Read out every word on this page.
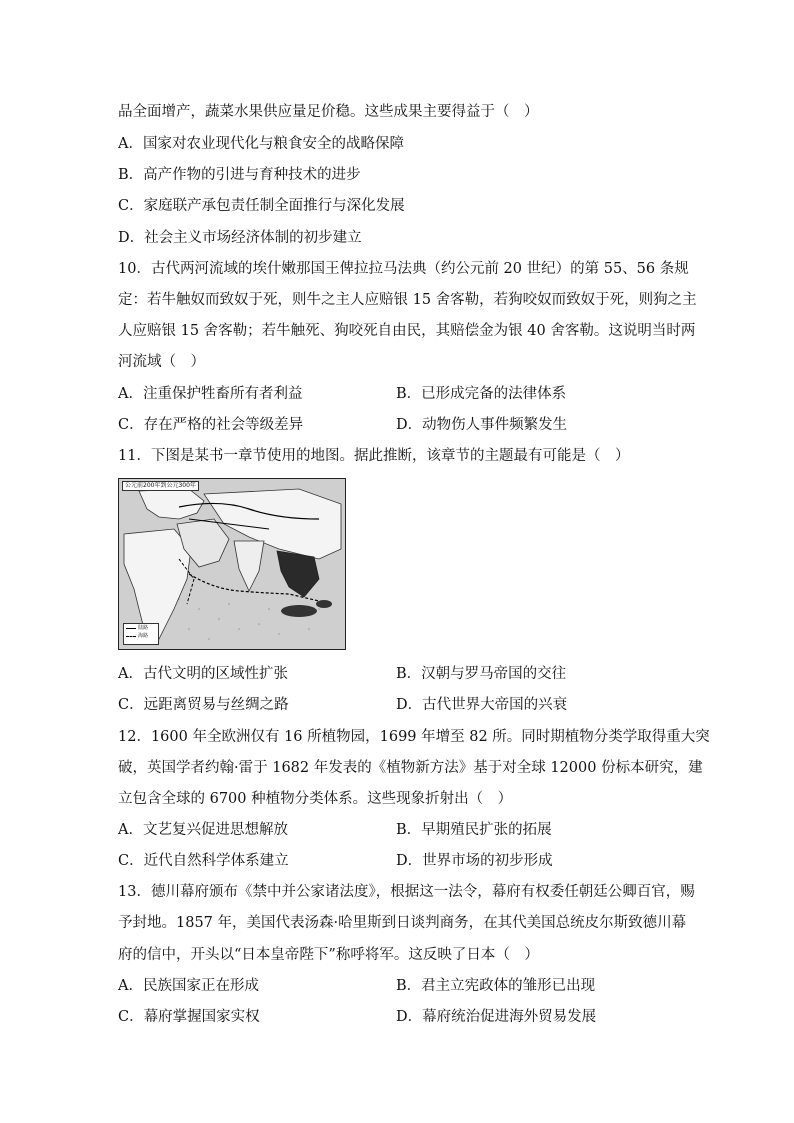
品全面增产，蔬菜水果供应量足价稳。这些成果主要得益于（　）
A．国家对农业现代化与粮食安全的战略保障
B．高产作物的引进与育种技术的进步
C．家庭联产承包责任制全面推行与深化发展
D．社会主义市场经济体制的初步建立
10．古代两河流域的埃什嫩那国王俾拉拉马法典（约公元前 20 世纪）的第 55、56 条规
定：若牛触奴而致奴于死，则牛之主人应赔银 15 舍客勒，若狗咬奴而致奴于死，则狗之主
人应赔银 15 舍客勒；若牛触死、狗咬死自由民，其赔偿金为银 40 舍客勒。这说明当时两
河流域（　）
A．注重保护牲畜所有者利益	B．已形成完备的法律体系
C．存在严格的社会等级差异	D．动物伤人事件频繁发生
11．下图是某书一章节使用的地图。据此推断，该章节的主题最有可能是（　）
公元前200年到公元300年
陆路
海路
A．古代文明的区域性扩张	B．汉朝与罗马帝国的交往
C．远距离贸易与丝绸之路	D．古代世界大帝国的兴衰
12．1600 年全欧洲仅有 16 所植物园，1699 年增至 82 所。同时期植物分类学取得重大突
破，英国学者约翰·雷于 1682 年发表的《植物新方法》基于对全球 12000 份标本研究，建
立包含全球的 6700 种植物分类体系。这些现象折射出（　）
A．文艺复兴促进思想解放	B．早期殖民扩张的拓展
C．近代自然科学体系建立	D．世界市场的初步形成
13．德川幕府颁布《禁中并公家诸法度》，根据这一法令，幕府有权委任朝廷公卿百官，赐
予封地。1857 年，美国代表汤森·哈里斯到日谈判商务，在其代美国总统皮尔斯致德川幕
府的信中，开头以“日本皇帝陛下”称呼将军。这反映了日本（　）
A．民族国家正在形成	B．君主立宪政体的雏形已出现
C．幕府掌握国家实权	D．幕府统治促进海外贸易发展
